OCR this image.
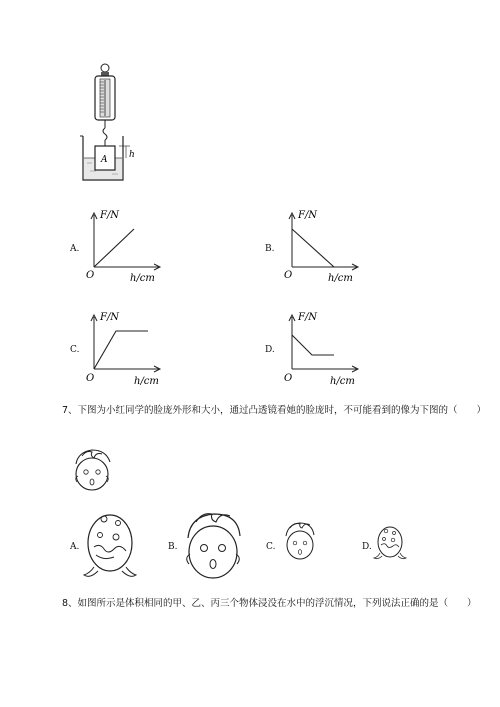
A h
A.
F/N
O	h/cm
B.
F/N
O	h/cm
C.
F/N
O	h/cm
D.
F/N
O	h/cm
7、下图为小红同学的脸庞外形和大小，通过凸透镜看她的脸庞时，不可能看到的像为下图的（　　）
A.	B.	C.	D.
8、如图所示是体积相同的甲、乙、丙三个物体浸没在水中的浮沉情况，下列说法正确的是（　　）
